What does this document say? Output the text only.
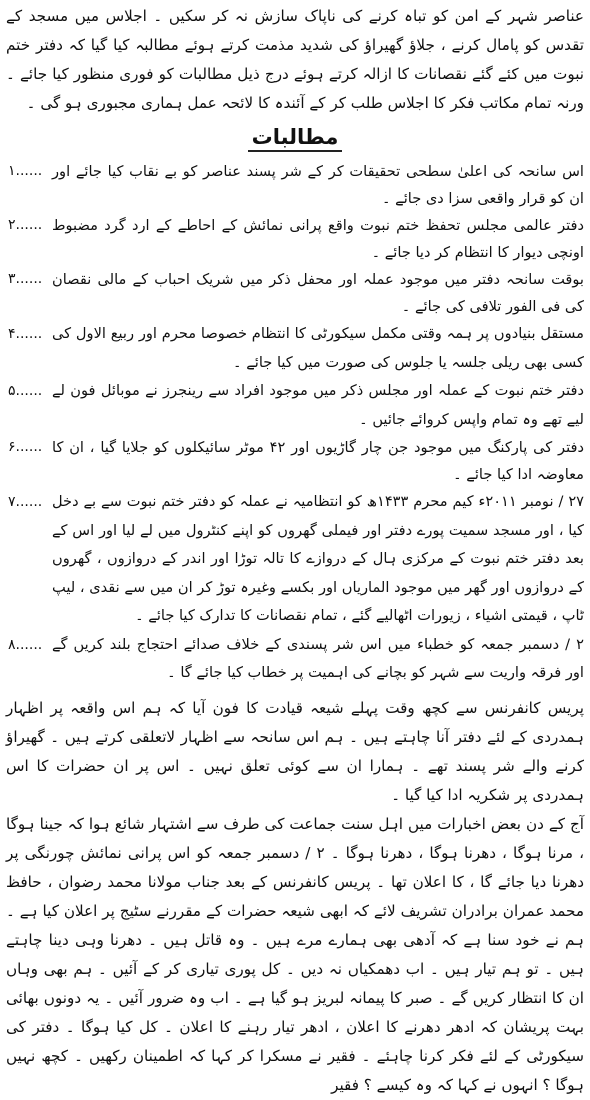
عناصر شہر کے امن کو تباہ کرنے کی ناپاک سازش نہ کر سکیں ۔ اجلاس میں مسجد کے تقدس کو پامال کرنے ، جلاؤ گھیراؤ کی شدید مذمت کرتے ہوئے مطالبہ کیا گیا کہ دفتر ختم نبوت میں کئے گئے نقصانات کا ازالہ کرتے ہوئے درج ذیل مطالبات کو فوری منظور کیا جائے ۔ ورنہ تمام مکاتب فکر کا اجلاس طلب کر کے آئندہ کا لائحہ عمل ہماری مجبوری ہو گی ۔

مطالبات
اس سانحہ کی اعلیٰ سطحی تحقیقات کر کے شر پسند عناصر کو بے نقاب کیا جائے اور ان کو قرار واقعی سزا دی جائے ۔
۱......
دفتر عالمی مجلس تحفظ ختم نبوت واقع پرانی نمائش کے احاطے کے ارد گرد مضبوط اونچی دیوار کا انتظام کر دیا جائے ۔
۲......
بوقت سانحہ دفتر میں موجود عملہ اور محفل ذکر میں شریک احباب کے مالی نقصان کی فی الفور تلافی کی جائے ۔
۳......
مستقل بنیادوں پر ہمہ وقتی مکمل سیکورٹی کا انتظام خصوصا محرم اور ربیع الاول کی کسی بھی ریلی جلسہ یا جلوس کی صورت میں کیا جائے ۔
۴......
دفتر ختم نبوت کے عملہ اور مجلس ذکر میں موجود افراد سے رینجرز نے موبائل فون لے لیے تھے وہ تمام واپس کروائے جائیں ۔
۵......
دفتر کی پارکنگ میں موجود جن چار گاڑیوں اور ۴۲ موٹر سائیکلوں کو جلایا گیا ، ان کا معاوضہ ادا کیا جائے ۔
۶......
۲۷ / نومبر ۲۰۱۱ء کیم محرم ۱۴۳۳ھ کو انتظامیہ نے عملہ کو دفتر ختم نبوت سے بے دخل کیا ، اور مسجد سمیت پورے دفتر اور فیملی گھروں کو اپنے کنٹرول میں لے لیا اور اس کے بعد دفتر ختم نبوت کے مرکزی ہال کے دروازے کا تالہ توڑا اور اندر کے دروازوں ، گھروں کے دروازوں اور گھر میں موجود الماریاں اور بکسے وغیرہ توڑ کر ان میں سے نقدی ، لیپ ٹاپ ، قیمتی اشیاء ، زیورات اٹھالیے گئے ، تمام نقصانات کا تدارک کیا جائے ۔
۷......
۲ / دسمبر جمعہ کو خطباء میں اس شر پسندی کے خلاف صدائے احتجاج بلند کریں گے اور فرقہ واریت سے شہر کو بچانے کی اہمیت پر خطاب کیا جائے گا ۔
۸......

پریس کانفرنس سے کچھ وقت پہلے شیعہ قیادت کا فون آیا کہ ہم اس واقعہ پر اظہار ہمدردی کے لئے دفتر آنا چاہتے ہیں ۔ ہم اس سانحہ سے اظہار لاتعلقی کرتے ہیں ۔ گھیراؤ کرنے والے شر پسند تھے ۔ ہمارا ان سے کوئی تعلق نہیں ۔ اس پر ان حضرات کا اس ہمدردی پر شکریہ ادا کیا گیا ۔

آج کے دن بعض اخبارات میں اہل سنت جماعت کی طرف سے اشتہار شائع ہوا کہ جینا ہوگا ، مرنا ہوگا ، دھرنا ہوگا ، دھرنا ہوگا ۔ ۲ / دسمبر جمعہ کو اس پرانی نمائش چورنگی پر دھرنا دیا جائے گا ، کا اعلان تھا ۔ پریس کانفرنس کے بعد جناب مولانا محمد رضوان ، حافظ محمد عمران برادران تشریف لائے کہ ابھی شیعہ حضرات کے مقررنے سٹیج پر اعلان کیا ہے ۔ ہم نے خود سنا ہے کہ آدھی بھی ہمارے مرے ہیں ۔ وہ قاتل ہیں ۔ دھرنا وہی دینا چاہتے ہیں ۔ تو ہم تیار ہیں ۔ اب دھمکیاں نہ دیں ۔ کل پوری تیاری کر کے آئیں ۔ ہم بھی وہاں ان کا انتظار کریں گے ۔ صبر کا پیمانہ لبریز ہو گیا ہے ۔ اب وہ ضرور آئیں ۔ یہ دونوں بھائی بہت پریشان کہ ادھر دھرنے کا اعلان ، ادھر تیار رہنے کا اعلان ۔ کل کیا ہوگا ۔ دفتر کی سیکورٹی کے لئے فکر کرنا چاہئے ۔ فقیر نے مسکرا کر کہا کہ اطمینان رکھیں ۔ کچھ نہیں ہوگا ؟ انہوں نے کہا کہ وہ کیسے ؟ فقیر
